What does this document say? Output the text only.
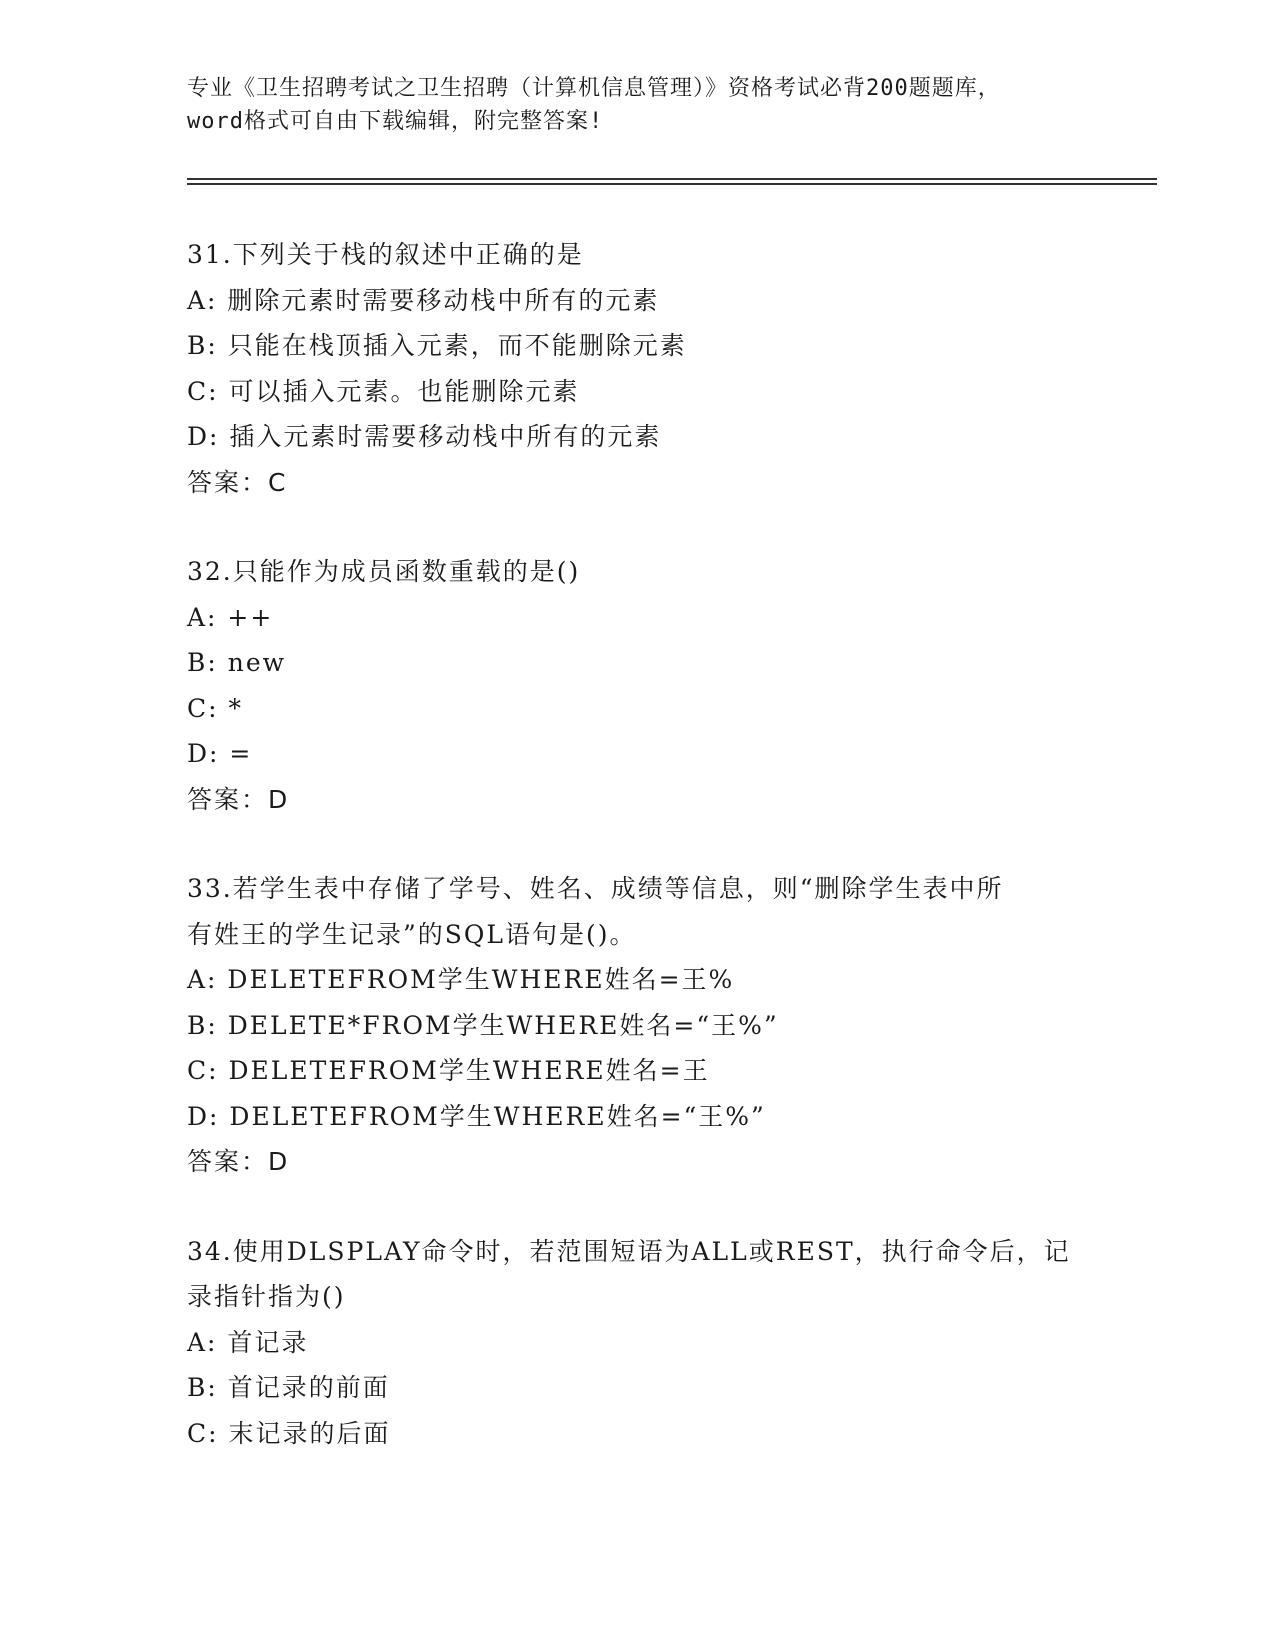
专业《卫生招聘考试之卫生招聘（计算机信息管理）》资格考试必背200题题库，
word格式可自由下载编辑，附完整答案!
31.下列关于栈的叙述中正确的是
A: 删除元素时需要移动栈中所有的元素
B: 只能在栈顶插入元素，而不能删除元素
C: 可以插入元素。也能删除元素
D: 插入元素时需要移动栈中所有的元素
答案：C
32.只能作为成员函数重载的是()
A: ++
B: new
C: *
D: =
答案：D
33.若学生表中存储了学号、姓名、成绩等信息，则“删除学生表中所
有姓王的学生记录”的SQL语句是()。
A: DELETEFROM学生WHERE姓名=王%
B: DELETE*FROM学生WHERE姓名=“王%”
C: DELETEFROM学生WHERE姓名=王
D: DELETEFROM学生WHERE姓名=“王%”
答案：D
34.使用DLSPLAY命令时，若范围短语为ALL或REST，执行命令后，记
录指针指为()
A: 首记录
B: 首记录的前面
C: 末记录的后面
